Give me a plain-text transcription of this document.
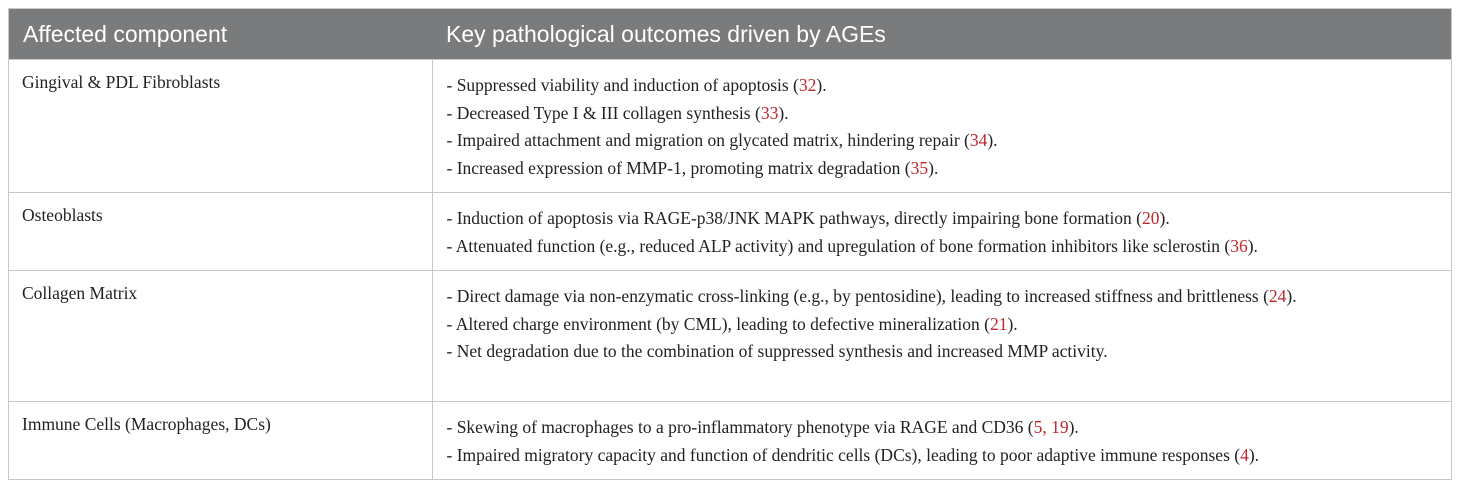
Affected component	Key pathological outcomes driven by AGEs
Gingival & PDL Fibroblasts	- Suppressed viability and induction of apoptosis (32).
- Decreased Type I & III collagen synthesis (33).
- Impaired attachment and migration on glycated matrix, hindering repair (34).
- Increased expression of MMP-1, promoting matrix degradation (35).

Osteoblasts	- Induction of apoptosis via RAGE-p38/JNK MAPK pathways, directly impairing bone formation (20).
- Attenuated function (e.g., reduced ALP activity) and upregulation of bone formation inhibitors like sclerostin (36).

Collagen Matrix	- Direct damage via non-enzymatic cross-linking (e.g., by pentosidine), leading to increased stiffness and brittleness (24).
- Altered charge environment (by CML), leading to defective mineralization (21).
- Net degradation due to the combination of suppressed synthesis and increased MMP activity.

Immune Cells (Macrophages, DCs)	- Skewing of macrophages to a pro-inflammatory phenotype via RAGE and CD36 (5, 19).
- Impaired migratory capacity and function of dendritic cells (DCs), leading to poor adaptive immune responses (4).
